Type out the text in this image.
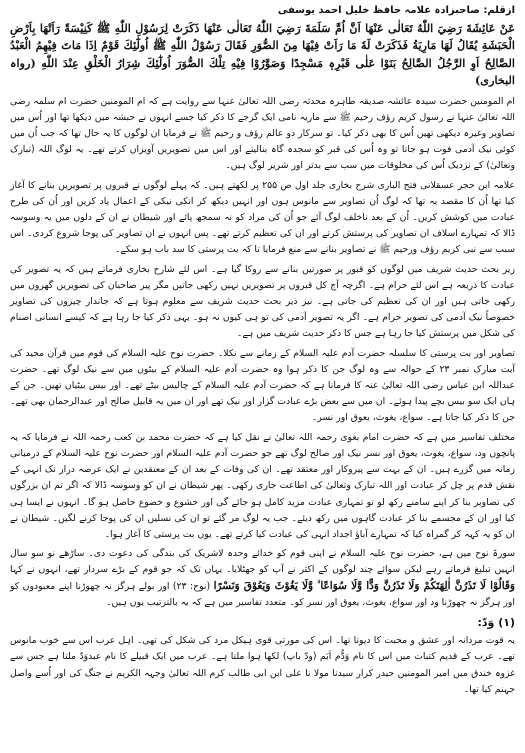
ازقلم: صاحبزادہ علامہ حافظ خلیل احمد یوسفی
عَنْ عَائِشَةَ رَضِيَ اللّٰهُ تَعَالٰی عَنْهَا اَنَّ اُمَّ سَلَمَةَ رَضِيَ اللّٰهُ تَعَالٰی عَنْهَا ذَكَرَتْ لِرَسُوْلِ اللّٰهِ ﷺ كَنِيْسَةً رَاَتْهَا بِاَرْضِ الْحَبَشَةِ يُقَالُ لَهَا مَارِيَةُ فَذَكَرَتْ لَهٗ مَا رَاَتْ فِيْهَا مِنَ الصُّوَرِ فَقَالَ رَسُوْلُ اللّٰهِ ﷺ اُولٰٓئِكَ قَوْمٌ اِذَا مَاتَ فِيْهِمُ الْعَبْدُ الصَّالِحُ اَوِ الرَّجُلُ الصَّالِحُ بَنَوْا عَلٰی قَبْرِهٖ مَسْجِدًا وَصَوَّرُوْا فِيْهِ تِلْكَ الصُّوَرَ اُولٰٓئِكَ شِرَارُ الْخَلْقِ عِنْدَ اللّٰهِ (رواہ البخاری)
ام المومنین حضرت سیدہ عائشہ صدیقہ طاہرہ محدثہ رضی اللہ تعالیٰ عنہا سے روایت ہے کہ ام المومنین حضرت ام سلمہ رضی اللہ تعالیٰ عنہا نے رسول کریم رؤف رحیم ﷺ سے ماریہ نامی ایک گرجے کا ذکر کیا جسے انہوں نے حبشہ میں دیکھا تھا اور اُس میں تصاویر وغیرہ دیکھی تھیں اُس کا بھی ذکر کیا۔ تو سرکار دو عالم رؤف و رحیم ﷺ نے فرمایا ان لوگوں کا یہ حال تھا کہ جب اُن میں کوئی نیک آدمی فوت ہو جاتا تو وہ اُس کی قبر کو سجدہ گاہ بنالیتے اور اس میں تصویریں آویزاں کرتے تھے۔ یہ لوگ اللہ (تبارک وتعالیٰ) کے نزدیک اُس کی مخلوقات میں سب سے بدتر اور شریر لوگ ہیں۔
علامہ ابن حجر عسقلانی فتح الباری شرح بخاری جلد اول ص ۲۵۵ پر لکھتے ہیں۔ کہ پہلے لوگوں نے قبروں پر تصویریں بنانے کا آغاز کیا تھا اُن کا مقصد یہ تھا کہ لوگ اُن تصاویر سے مانوس ہوں اور انہیں دیکھ کر انکی نیکی کے اعمال یاد کریں اور اُن کی طرح عبادت میں کوشش کریں۔ اُن کے بعد ناخلف لوگ آئے جو اُن کی مراد کو نہ سمجھ پائے اور شیطان نے ان کے دلوں میں یہ وسوسہ ڈالا کہ تمہارے اسلاف ان تصاویر کی پرستش کرتے اور ان کی تعظیم کرتے تھے۔ پس انہوں نے ان تصاویر کی پوجا شروع کردی۔ اس سبب سے نبی کریم رؤف ورحیم ﷺ نے تصاویر بنانے سے منع فرمایا تا کہ بت پرستی کا سد باب ہو سکے۔
زیر بحث حدیث شریف میں لوگوں کو قبور پر صورتیں بنانے سے روکا گیا ہے۔ اس لئے شارح بخاری فرماتے ہیں کہ یہ تصویر کی عبادت کا ذریعہ ہے اس لئے حرام ہے۔ اگرچہ آج کل قبروں پر تصویریں نہیں رکھی جاتیں مگر پیر صاحبان کی تصویریں گھروں میں رکھی جاتی ہیں اور ان کی تعظیم کی جاتی ہے۔ نیز ذیر بحث حدیث شریف سے معلوم ہوتا ہے کہ جاندار چیزوں کی تصاویر خصوصاً نیک آدمی کی تصویر حرام ہے۔ اگر یہ تصویر آدمی کی تو ہی کیوں نہ ہو۔ یہی ذکر کیا جا رہا ہے کہ کیسے انسانی اصنام کی شکل میں پرستش کیا جا رہا ہے جس کا ذکر حدیث شریف میں ہے۔
تصاویر اور بت پرستی کا سلسلہ حضرت آدم علیہ السلام کے زمانے سے نکلا۔ حضرت نوح علیہ السلام کی قوم میں قرآن مجید کی آیت مبارک نمبر ۲۳ کے حوالہ سے وہ لوگ جن کا ذکر ہوا وہ حضرت آدم علیہ السلام کے بیٹوں میں سے نیک لوگ تھے۔ حضرت عبداللہ ابن عباس رضی اللہ تعالیٰ عنہ کا فرمانا ہے کہ حضرت آدم علیہ السلام کے چالیس بیٹے تھے۔ اور بیس بیٹیاں تھیں۔ جن کے ہاں ایک سو بیس بچے پیدا ہوئے۔ ان میں سے بعض بڑے عبادت گزار اور نیک تھے اور ان میں یہ قابیل صالح اور عبدالرحمان بھی تھے۔ جن کا ذکر کیا جاتا ہے۔ سواع، یغوث، یعوق اور نسر۔
مختلف تفاسیر میں ہے کہ حضرت امام بغوی رحمہ اللہ تعالیٰ نے نقل کیا ہے کہ حضرت محمد بن کعب رحمہ اللہ نے فرمایا کہ یہ پانچوں ود، سواع، یغوث، یعوق اور نسر نیک اور صالح لوگ تھے جو حضرت آدم علیہ السلام اور حضرت نوح علیہ السلام کے درمیانی زمانہ میں گزرے ہیں۔ ان کے بہت سے پیروکار اور معتقد تھے۔ ان کی وفات کے بعد ان کے معتقدین نے ایک عرصہ دراز تک انہی کے نقش قدم پر چل کر عبادت اور اللہ تبارک وتعالیٰ کی اطاعت جاری رکھی۔ پھر شیطان نے ان کو وسوسہ ڈالا کہ اگر تم ان بزرگوں کی تصاویر بنا کر اپنے سامنے رکھ لو تو تمہاری عبادت مزید کامل ہو جائے گی اور خشوع و خضوع حاصل ہو گا۔ انہوں نے ایسا ہی کیا اور ان کے مجسمے بنا کر عبادت گاہوں میں رکھ دیئے۔ جب یہ لوگ مر گئے تو ان کی نسلیں ان کی پوجا کرنے لگیں۔ شیطان نے ان کو یہ کہہ کر گمراہ کیا کہ تمہارے آباؤ اجداد انہی کی عبادت کیا کرتے تھے۔ یوں بت پرستی کا آغاز ہوا۔
سورۃ نوح میں ہے، حضرت نوح علیہ السلام نے اپنی قوم کو خدائے وحدہ لاشریک کی بندگی کی دعوت دی۔ ساڑھے نو سو سال انہیں تبلیغ فرماتے رہے لیکن سوائے چند لوگوں کے اکثر نے آپ کو جھٹلایا۔ یہاں تک کہ جو قوم کے بڑے سردار تھے، انہوں نے کہا وَقَالُوْا لَا تَذَرُنَّ اٰلِهَتَكُمْ وَلَا تَذَرُنَّ وَدًّا وَّلَا سُوَاعًا ۙ وَّلَا يَغُوْثَ وَيَعُوْقَ وَنَسْرًا (نوح: ۲۳) اور بولے ہرگز نہ چھوڑنا اپنے معبودوں کو اور ہرگز نہ چھوڑنا ود اور سواع، یغوث، یعوق اور نسر کو۔ متعدد تفاسیر میں ہے کہ یہ بالترتیب یوں ہیں۔
(۱) وَدّ:
یہ قوت مردانہ اور عشق و محبت کا دیوتا تھا۔ اس کی مورتی قوی ہیکل مرد کی شکل کی تھی۔ اہل عرب اس سے خوب مانوس تھے۔ عرب کے قدیم کتبات میں اس کا نام وَدُّم اَبَم (ودّ باپ) لکھا ہوا ملتا ہے۔ عرب میں ایک قبیلے کا نام عبدوَدّ ملتا ہے جس سے غزوہ خندق میں امیر المومنین حیدر کرار سیدنا مولا نا علی ابن ابی طالب کرم اللہ تعالیٰ وجہہ الکریم نے جنگ کی اور اُسے واصل جہنم کیا تھا۔
